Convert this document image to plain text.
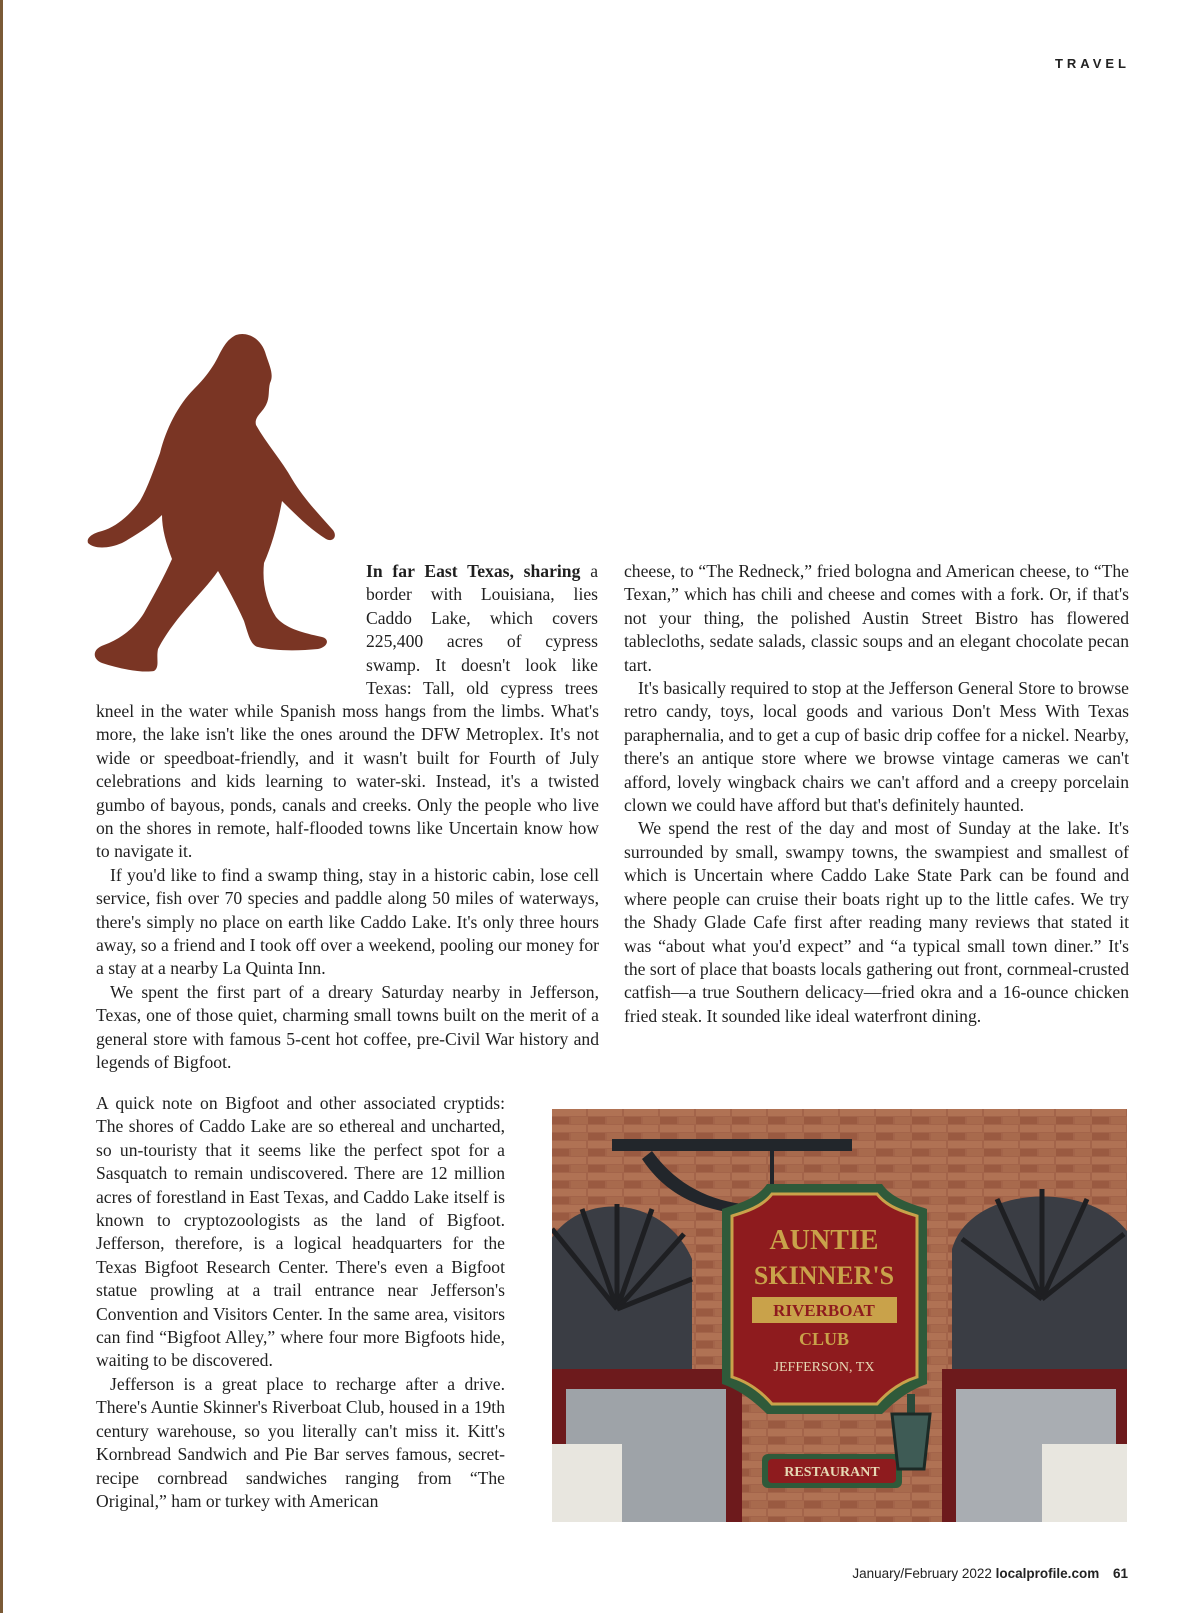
TRAVEL

In far East Texas, sharing a border with Louisiana, lies Caddo Lake, which covers 225,400 acres of cypress swamp. It doesn't look like Texas: Tall, old cypress trees

kneel in the water while Spanish moss hangs from the limbs. What's more, the lake isn't like the ones around the DFW Metroplex. It's not wide or speedboat-friendly, and it wasn't built for Fourth of July celebrations and kids learning to water-ski. Instead, it's a twisted gumbo of bayous, ponds, canals and creeks. Only the people who live on the shores in remote, half-flooded towns like Uncertain know how to navigate it.

If you'd like to find a swamp thing, stay in a historic cabin, lose cell service, fish over 70 species and paddle along 50 miles of waterways, there's simply no place on earth like Caddo Lake. It's only three hours away, so a friend and I took off over a weekend, pooling our money for a stay at a nearby La Quinta Inn.

We spent the first part of a dreary Saturday nearby in Jefferson, Texas, one of those quiet, charming small towns built on the merit of a general store with famous 5-cent hot coffee, pre-Civil War history and legends of Bigfoot.

A quick note on Bigfoot and other associated cryptids: The shores of Caddo Lake are so ethereal and uncharted, so un-touristy that it seems like the perfect spot for a Sasquatch to remain undiscovered. There are 12 million acres of forestland in East Texas, and Caddo Lake itself is known to cryptozoologists as the land of Bigfoot. Jefferson, therefore, is a logical headquarters for the Texas Bigfoot Research Center. There's even a Bigfoot statue prowling at a trail entrance near Jefferson's Convention and Visitors Center. In the same area, visitors can find “Bigfoot Alley,” where four more Bigfoots hide, waiting to be discovered.

Jefferson is a great place to recharge after a drive. There's Auntie Skinner's Riverboat Club, housed in a 19th century warehouse, so you literally can't miss it. Kitt's Kornbread Sandwich and Pie Bar serves famous, secret-recipe cornbread sandwiches ranging from “The Original,” ham or turkey with American

cheese, to “The Redneck,” fried bologna and American cheese, to “The Texan,” which has chili and cheese and comes with a fork. Or, if that's not your thing, the polished Austin Street Bistro has flowered tablecloths, sedate salads, classic soups and an elegant chocolate pecan tart.

It's basically required to stop at the Jefferson General Store to browse retro candy, toys, local goods and various Don't Mess With Texas paraphernalia, and to get a cup of basic drip coffee for a nickel. Nearby, there's an antique store where we browse vintage cameras we can't afford, lovely wingback chairs we can't afford and a creepy porcelain clown we could have afford but that's definitely haunted.

We spend the rest of the day and most of Sunday at the lake. It's surrounded by small, swampy towns, the swampiest and smallest of which is Uncertain where Caddo Lake State Park can be found and where people can cruise their boats right up to the little cafes. We try the Shady Glade Cafe first after reading many reviews that stated it was “about what you'd expect” and “a typical small town diner.” It's the sort of place that boasts locals gathering out front, cornmeal-crusted catfish—a true Southern delicacy—fried okra and a 16-ounce chicken fried steak. It sounded like ideal waterfront dining.

AUNTIE
SKINNER'S
RIVERBOAT
CLUB
JEFFERSON, TX
RESTAURANT
January/February 2022 localprofile.com 61
